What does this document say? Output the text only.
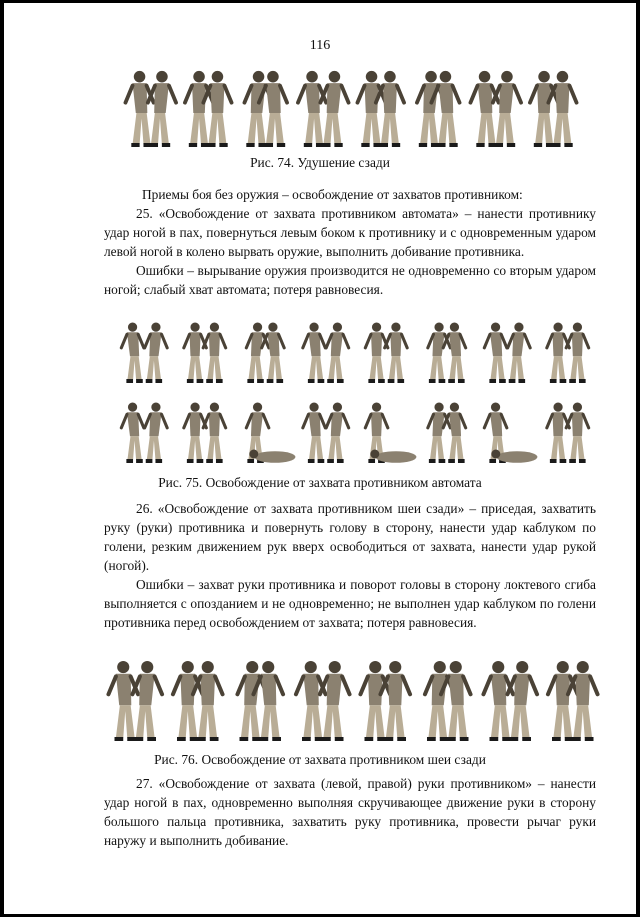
116
Рис. 74. Удушение сзади

Приемы боя без оружия – освобождение от захватов противником:

25. «Освобождение от захвата противником автомата» – нанести противнику удар ногой в пах, повернуться левым боком к противнику и с одновременным ударом левой ногой в колено вырвать оружие, выполнить добивание противника.

Ошибки – вырывание оружия производится не одновременно со вторым ударом ногой; слабый хват автомата; потеря равновесия.

Рис. 75. Освобождение от захвата противником автомата

26. «Освобождение от захвата противником шеи сзади» – приседая, захватить руку (руки) противника и повернуть голову в сторону, нанести удар каблуком по голени, резким движением рук вверх освободиться от захвата, нанести удар рукой (ногой).

Ошибки – захват руки противника и поворот головы в сторону локтевого сгиба выполняется с опозданием и не одновременно; не выполнен удар каблуком по голени противника перед освобождением от захвата; потеря равновесия.

Рис. 76. Освобождение от захвата противником шеи сзади

27. «Освобождение от захвата (левой, правой) руки противником» – нанести удар ногой в пах, одновременно выполняя скручивающее движение руки в сторону большого пальца противника, захватить руку противника, провести рычаг руки наружу и выполнить добивание.
